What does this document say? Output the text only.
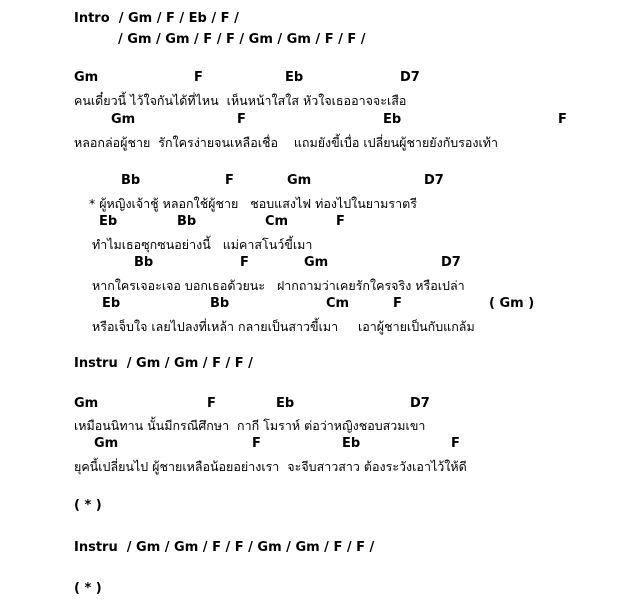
Intro  / Gm / F / Eb / F /
/ Gm / Gm / F / F / Gm / Gm / F / F /
Gm	F	Eb	D7
คนเดี๋ยวนี้ ไว้ใจกันได้ที่ไหน  เห็นหน้าใสใส หัวใจเธออาจจะเสือ
Gm	F	Eb	F
หลอกล่อผู้ชาย  รักใครง่ายจนเหลือเชื่อ    แถมยังขี้เบื่อ เปลี่ยนผู้ชายยังกับรองเท้า
Bb	F	Gm	D7
* ผู้หญิงเจ้าชู้ หลอกใช้ผู้ชาย   ชอบแสงไฟ ท่องไปในยามราตรี
Eb	Bb	Cm	F
ทำไมเธอซุกซนอย่างนี้   แม่คาสโนว์ขี้เมา
Bb	F	Gm	D7
หากใครเจอะเจอ บอกเธอด้วยนะ   ฝากถามว่าเคยรักใครจริง หรือเปล่า
Eb	Bb	Cm	F	( Gm )
หรือเจ็บใจ เลยไปลงที่เหล้า กลายเป็นสาวขี้เมา     เอาผู้ชายเป็นกับแกล้ม
Instru  / Gm / Gm / F / F /
Gm	F	Eb	D7
เหมือนนิทาน นั้นมีกรณีศึกษา  กากี โมราห์ ต่อว่าหญิงชอบสวมเขา
Gm	F	Eb	F
ยุคนี้เปลี่ยนไป ผู้ชายเหลือน้อยอย่างเรา  จะจีบสาวสาว ต้องระวังเอาไว้ให้ดี
( * )
Instru  / Gm / Gm / F / F / Gm / Gm / F / F /
( * )
